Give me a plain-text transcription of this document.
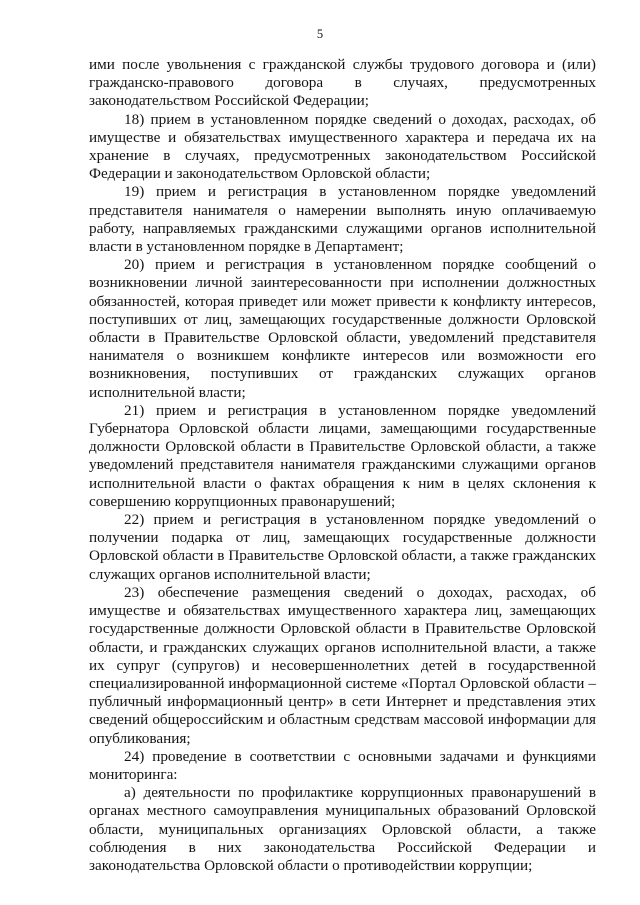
5

ими после увольнения с гражданской службы трудового договора и (или) гражданско-правового договора в случаях, предусмотренных законодательством Российской Федерации;

18) прием в установленном порядке сведений о доходах, расходах, об имуществе и обязательствах имущественного характера и передача их на хранение в случаях, предусмотренных законодательством Российской Федерации и законодательством Орловской области;

19) прием и регистрация в установленном порядке уведомлений представителя нанимателя о намерении выполнять иную оплачиваемую работу, направляемых гражданскими служащими органов исполнительной власти в установленном порядке в Департамент;

20) прием и регистрация в установленном порядке сообщений о возникновении личной заинтересованности при исполнении должностных обязанностей, которая приведет или может привести к конфликту интересов, поступивших от лиц, замещающих государственные должности Орловской области в Правительстве Орловской области, уведомлений представителя нанимателя о возникшем конфликте интересов или возможности его возникновения, поступивших от гражданских служащих органов исполнительной власти;

21) прием и регистрация в установленном порядке уведомлений Губернатора Орловской области лицами, замещающими государственные должности Орловской области в Правительстве Орловской области, а также уведомлений представителя нанимателя гражданскими служащими органов исполнительной власти о фактах обращения к ним в целях склонения к совершению коррупционных правонарушений;

22) прием и регистрация в установленном порядке уведомлений о получении подарка от лиц, замещающих государственные должности Орловской области в Правительстве Орловской области, а также гражданских служащих органов исполнительной власти;

23) обеспечение размещения сведений о доходах, расходах, об имуществе и обязательствах имущественного характера лиц, замещающих государственные должности Орловской области в Правительстве Орловской области, и гражданских служащих органов исполнительной власти, а также их супруг (супругов) и несовершеннолетних детей в государственной специализированной информационной системе «Портал Орловской области – публичный информационный центр» в сети Интернет и представления этих сведений общероссийским и областным средствам массовой информации для опубликования;

24) проведение в соответствии с основными задачами и функциями мониторинга:

а) деятельности по профилактике коррупционных правонарушений в органах местного самоуправления муниципальных образований Орловской области, муниципальных организациях Орловской области, а также соблюдения в них законодательства Российской Федерации и законодательства Орловской области о противодействии коррупции;
